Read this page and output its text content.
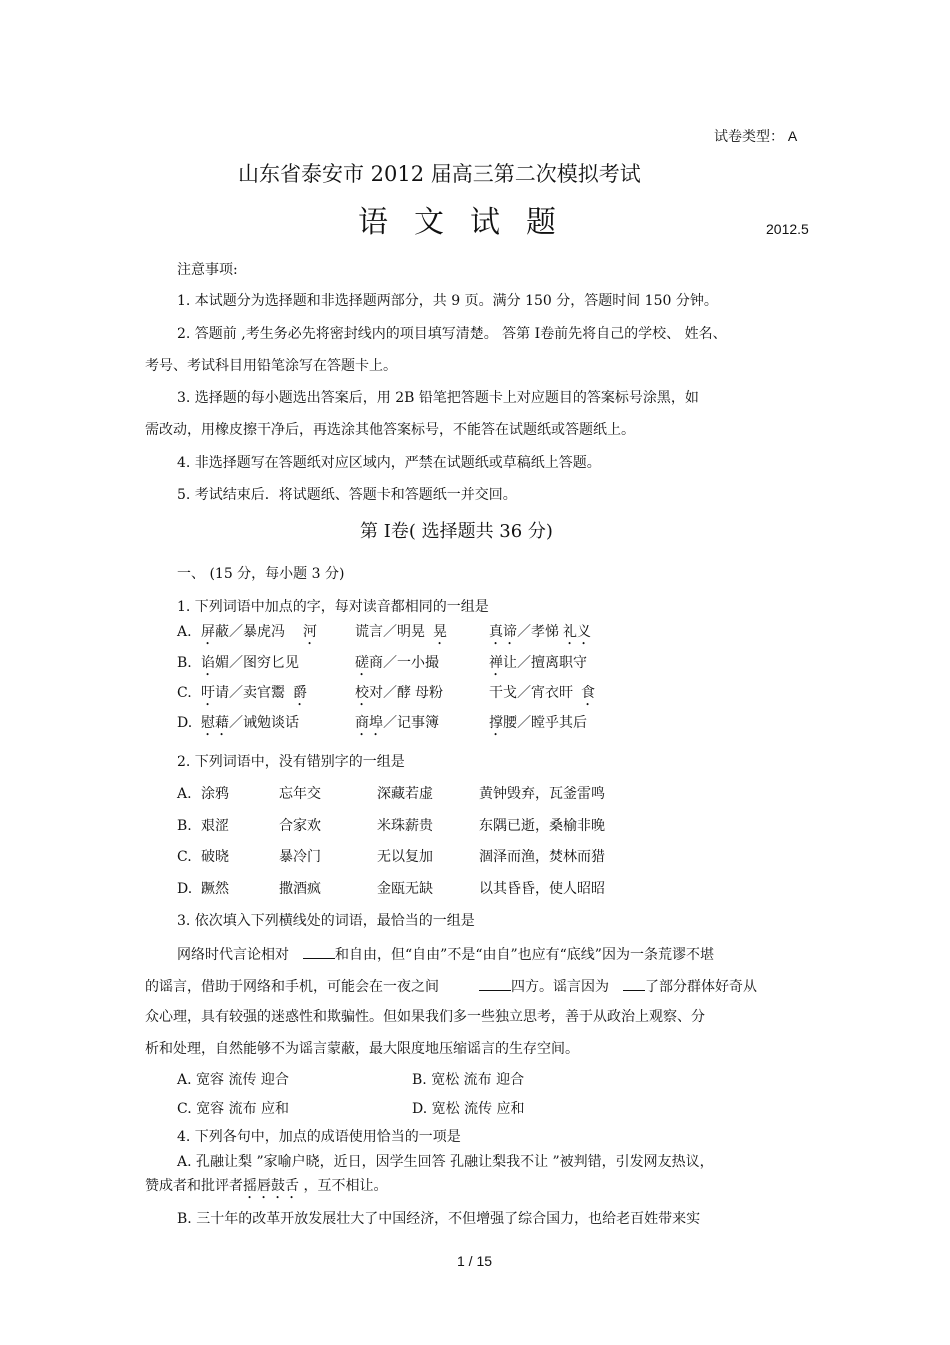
试卷类型： A
山东省泰安市 2012 届高三第二次模拟考试
语文试题	2012.5
注意事项:
1. 本试题分为选择题和非选择题两部分，共 9 页。满分 150 分，答题时间 150 分钟。
2. 答题前 ,考生务必先将密封线内的项目填写清楚。 答第 Ⅰ卷前先将自己的学校、 姓名、
考号、考试科目用铅笔涂写在答题卡上。
3. 选择题的每小题选出答案后，用 2B 铅笔把答题卡上对应题目的答案标号涂黑，如
需改动，用橡皮擦干净后，再选涂其他答案标号，不能答在试题纸或答题纸上。
4. 非选择题写在答题纸对应区域内，严禁在试题纸或草稿纸上答题。
5. 考试结束后．将试题纸、答题卡和答题纸一并交回。
第 Ⅰ卷( 选择题共 36 分)
一、 (15 分，每小题 3 分)
1. 下列词语中加点的字，每对读音都相同的一组是
A. 屏蔽／暴虎冯 河	谎言／明晃 晃	真谛／孝悌 礼义
B. 谄媚／图穷匕见	磋商／一小撮	禅让／擅离职守
C. 吁请／卖官鬻 爵	校对／酵 母粉	干戈／宵衣旰 食
D. 慰藉／诫勉谈话	商埠／记事簿	撑腰／瞠乎其后
2. 下列词语中，没有错别字的一组是
A. 涂鸦	忘年交	深藏若虚	黄钟毁弃，瓦釜雷鸣
B. 艰涩	合家欢	米珠薪贵	东隅已逝，桑榆非晚
C. 破晓	暴冷门	无以复加	涸泽而渔，焚林而猎
D. 蹶然	撒酒疯	金瓯无缺	以其昏昏，使人昭昭
3. 依次填入下列横线处的词语，最恰当的一组是
网络时代言论相对	和自由，但“自由”不是“由自”也应有“底线”因为一条荒谬不堪
的谣言，借助于网络和手机，可能会在一夜之间	四方。谣言因为	了部分群体好奇从
众心理，具有较强的迷惑性和欺骗性。但如果我们多一些独立思考，善于从政治上观察、分
析和处理，自然能够不为谣言蒙蔽，最大限度地压缩谣言的生存空间。
A. 宽容 流传 迎合	B. 宽松 流布 迎合
C. 宽容 流布 应和	D. 宽松 流传 应和
4. 下列各句中，加点的成语使用恰当的一项是
A. 孔融让梨 ”家喻户晓，近日，因学生回答 孔融让梨我不让 ”被判错，引发网友热议，
赞成者和批评者摇唇鼓舌 ，互不相让。
B. 三十年的改革开放发展壮大了中国经济，不但增强了综合国力，也给老百姓带来实
1 / 15
